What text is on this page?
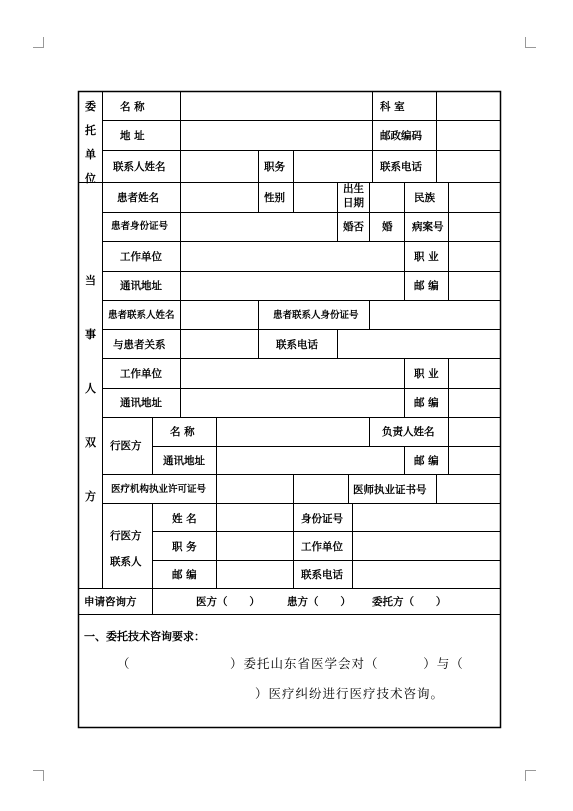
委
托
单
位
名 称	科 室
地 址	邮政编码
联系人姓名	职务	联系电话
当
事
人
双
方
患者姓名	性别
出生
日期	民族
患者身份证号	婚否 婚 病案号
工作单位	职 业
通讯地址	邮 编
患者联系人姓名	患者联系人身份证号
与患者关系	联系电话
工作单位	职 业
通讯地址	邮 编
行医方
名 称	负责人姓名
通讯地址	邮 编
医疗机构执业许可证号	医师执业证书号
行医方
联系人
姓 名	身份证号
职 务	工作单位
邮 编	联系电话
申请咨询方	医方（      ）	患方（      ） 委托方（      ）
一、委托技术咨询要求：
（                    ）委托山东省医学会对（         ）与（
）医疗纠纷进行医疗技术咨询。
